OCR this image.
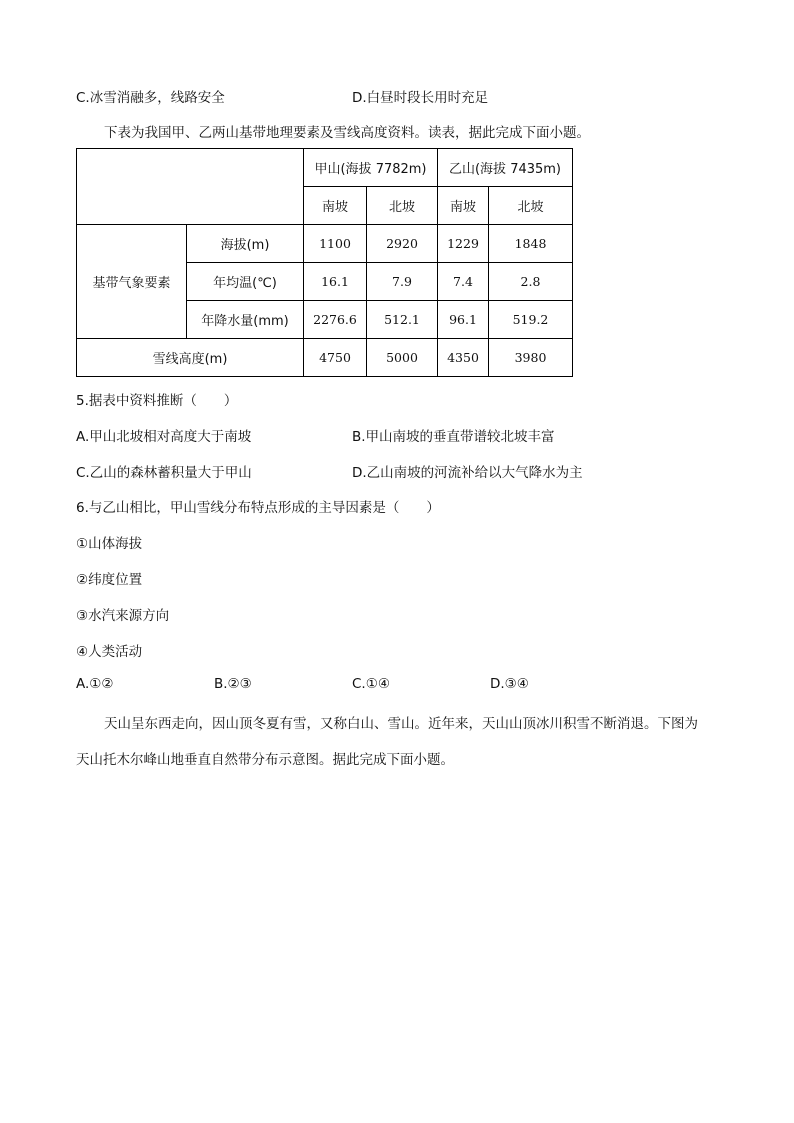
C.冰雪消融多，线路安全	D.白昼时段长用时充足
下表为我国甲、乙两山基带地理要素及雪线高度资料。读表，据此完成下面小题。
		甲山(海拔 7782m)		乙山(海拔 7435m)	
		南坡	北坡	南坡	北坡
基带气象要素	海拔(m)	1100	2920	1229	1848
	年均温(℃)	16.1	7.9	7.4	2.8
	年降水量(mm)	2276.6	512.1	96.1	519.2
雪线高度(m)		4750	5000	4350	3980
5.据表中资料推断（　　）
A.甲山北坡相对高度大于南坡	B.甲山南坡的垂直带谱较北坡丰富
C.乙山的森林蓄积量大于甲山	D.乙山南坡的河流补给以大气降水为主
6.与乙山相比，甲山雪线分布特点形成的主导因素是（　　）
①山体海拔
②纬度位置
③水汽来源方向
④人类活动
A.①②	B.②③	C.①④	D.③④
天山呈东西走向，因山顶冬夏有雪，又称白山、雪山。近年来，天山山顶冰川积雪不断消退。下图为
天山托木尔峰山地垂直自然带分布示意图。据此完成下面小题。
